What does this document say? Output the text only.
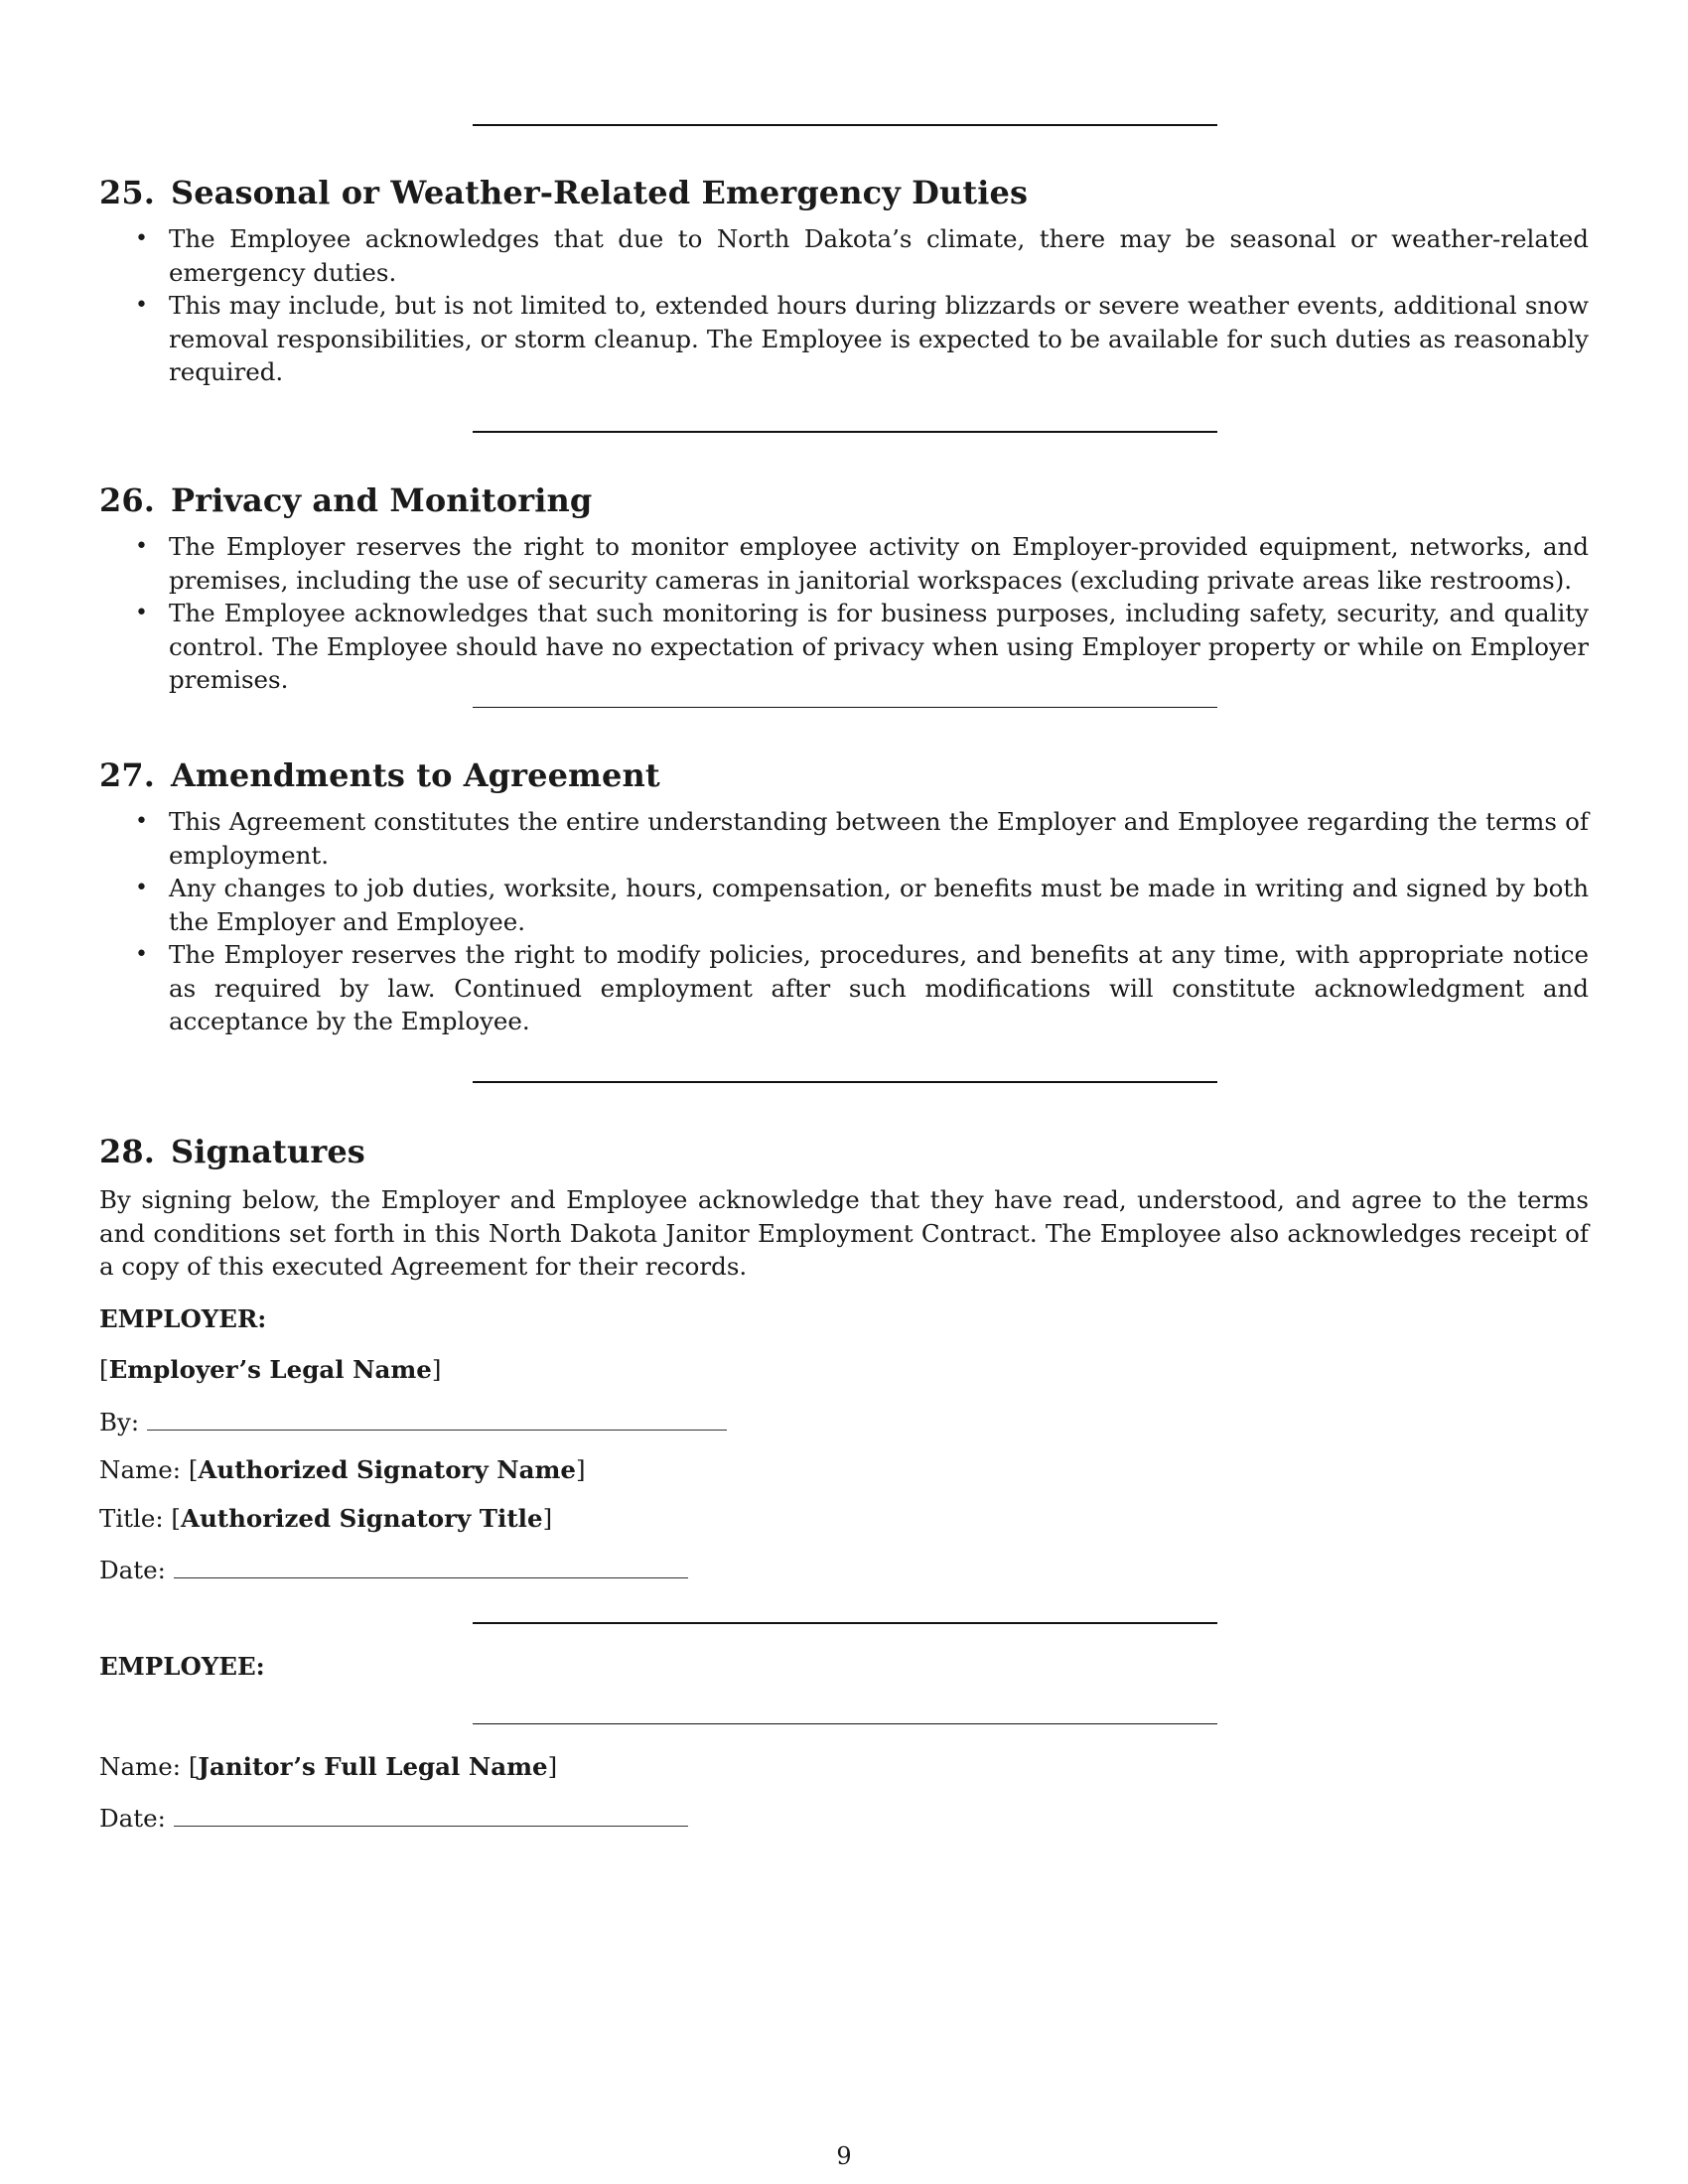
25. Seasonal or Weather-Related Emergency Duties
• The Employee acknowledges that due to North Dakota’s climate, there may be seasonal or weather-related emergency duties.
• This may include, but is not limited to, extended hours during blizzards or severe weather events, additional snow removal responsibilities, or storm cleanup. The Employee is expected to be available for such duties as reasonably required.
26. Privacy and Monitoring
• The Employer reserves the right to monitor employee activity on Employer-provided equipment, networks, and premises, including the use of security cameras in janitorial workspaces (excluding private areas like restrooms).
• The Employee acknowledges that such monitoring is for business purposes, including safety, security, and quality control. The Employee should have no expectation of privacy when using Employer property or while on Employer premises.
27. Amendments to Agreement
• This Agreement constitutes the entire understanding between the Employer and Employee regarding the terms of employment.
• Any changes to job duties, worksite, hours, compensation, or benefits must be made in writing and signed by both the Employer and Employee.
• The Employer reserves the right to modify policies, procedures, and benefits at any time, with appropriate notice as required by law. Continued employment after such modifications will constitute acknowledgment and acceptance by the Employee.
28. Signatures

By signing below, the Employer and Employee acknowledge that they have read, understood, and agree to the terms and conditions set forth in this North Dakota Janitor Employment Contract. The Employee also acknowledges receipt of a copy of this executed Agreement for their records.

EMPLOYER:
[Employer’s Legal Name]
By:
Name: [Authorized Signatory Name]
Title: [Authorized Signatory Title]
Date:
EMPLOYEE:
Name: [Janitor’s Full Legal Name]
Date:
9
